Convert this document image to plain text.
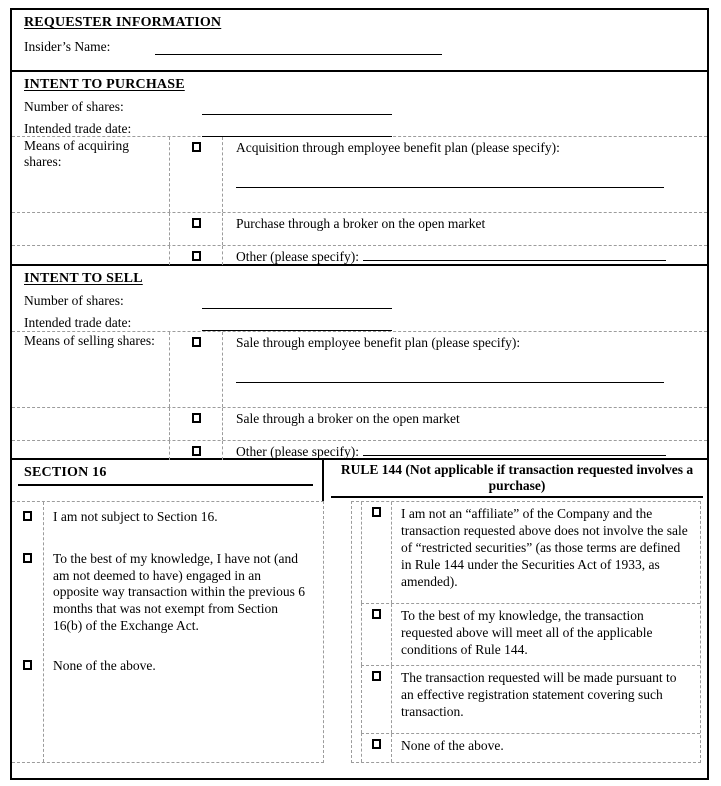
REQUESTER INFORMATION
Insider’s Name:
INTENT TO PURCHASE
Number of shares:
Intended trade date:
Means of acquiring shares:
Acquisition through employee benefit plan (please specify):
Purchase through a broker on the open market
Other (please specify):
INTENT TO SELL
Number of shares:
Intended trade date:
Means of selling shares:	Sale through employee benefit plan (please specify):
Sale through a broker on the open market
Other (please specify):
SECTION 16	RULE 144 (Not applicable if transaction requested involves a purchase)
I am not subject to Section 16.
To the best of my knowledge, I have not (and am not deemed to have) engaged in an opposite way transaction within the previous 6 months that was not exempt from Section 16(b) of the Exchange Act.
None of the above.
I am not an “affiliate” of the Company and the transaction requested above does not involve the sale of “restricted securities” (as those terms are defined in Rule 144 under the Securities Act of 1933, as amended).
To the best of my knowledge, the transaction requested above will meet all of the applicable conditions of Rule 144.
The transaction requested will be made pursuant to an effective registration statement covering such transaction.
None of the above.
